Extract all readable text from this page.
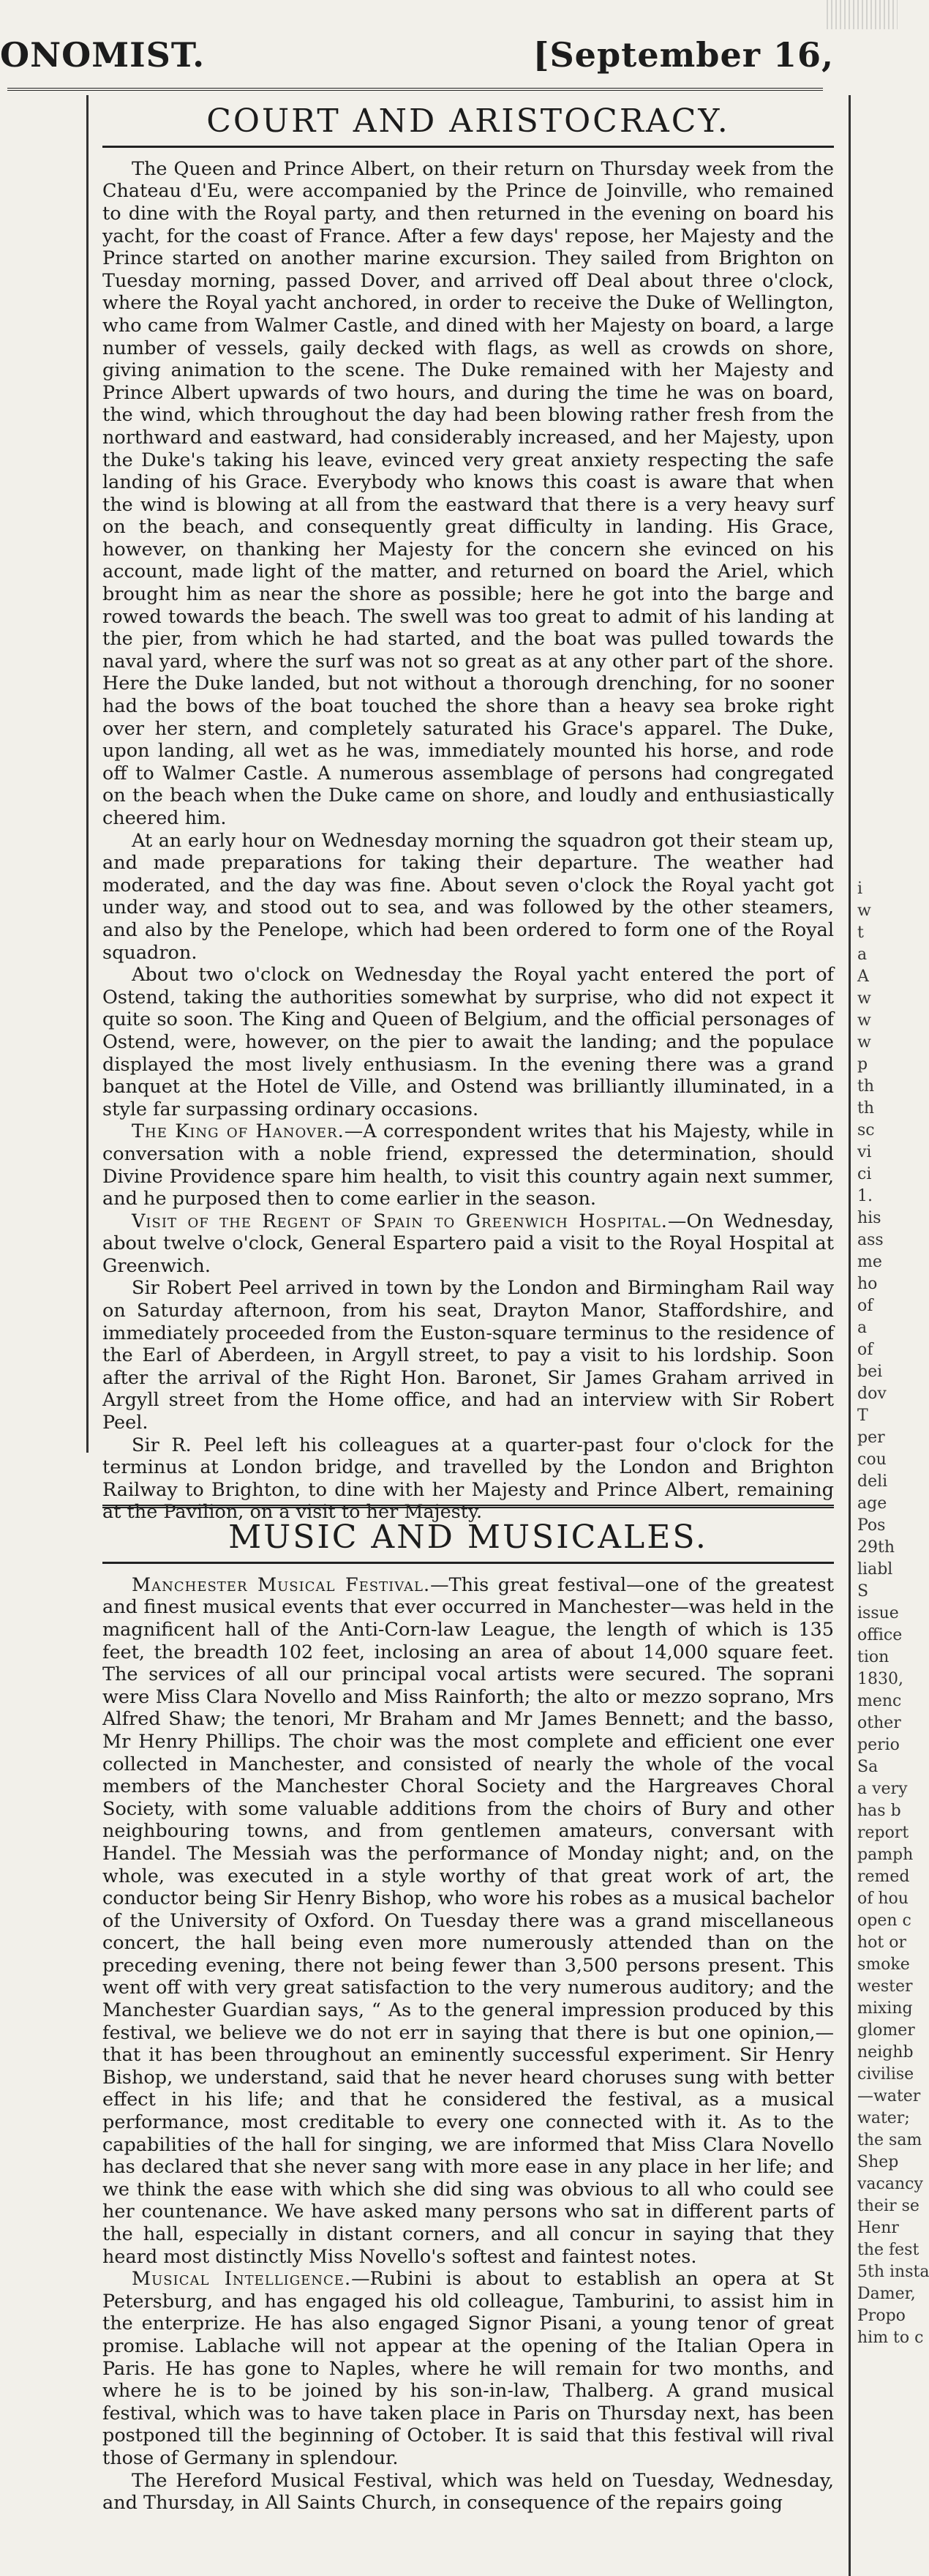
ONOMIST.	[September 16,
COURT AND ARISTOCRACY.

The Queen and Prince Albert, on their return on Thursday week from the Chateau d'Eu, were accompanied by the Prince de Joinville, who remained to dine with the Royal party, and then returned in the evening on board his yacht, for the coast of France. After a few days' repose, her Majesty and the Prince started on another marine excursion. They sailed from Brighton on Tuesday morning, passed Dover, and arrived off Deal about three o'clock, where the Royal yacht anchored, in order to receive the Duke of Wellington, who came from Walmer Castle, and dined with her Majesty on board, a large number of vessels, gaily decked with flags, as well as crowds on shore, giving animation to the scene. The Duke remained with her Majesty and Prince Albert upwards of two hours, and during the time he was on board, the wind, which throughout the day had been blowing rather fresh from the northward and eastward, had considerably increased, and her Majesty, upon the Duke's taking his leave, evinced very great anxiety respecting the safe landing of his Grace. Everybody who knows this coast is aware that when the wind is blowing at all from the eastward that there is a very heavy surf on the beach, and consequently great difficulty in landing. His Grace, however, on thanking her Majesty for the concern she evinced on his account, made light of the matter, and returned on board the Ariel, which brought him as near the shore as possible; here he got into the barge and rowed towards the beach. The swell was too great to admit of his landing at the pier, from which he had started, and the boat was pulled towards the naval yard, where the surf was not so great as at any other part of the shore. Here the Duke landed, but not without a thorough drenching, for no sooner had the bows of the boat touched the shore than a heavy sea broke right over her stern, and completely saturated his Grace's apparel. The Duke, upon landing, all wet as he was, immediately mounted his horse, and rode off to Walmer Castle. A numerous assemblage of persons had congregated on the beach when the Duke came on shore, and loudly and enthusiastically cheered him.

At an early hour on Wednesday morning the squadron got their steam up, and made preparations for taking their departure. The weather had moderated, and the day was fine. About seven o'clock the Royal yacht got under way, and stood out to sea, and was followed by the other steamers, and also by the Penelope, which had been ordered to form one of the Royal squadron.

About two o'clock on Wednesday the Royal yacht entered the port of Ostend, taking the authorities somewhat by surprise, who did not expect it quite so soon. The King and Queen of Belgium, and the official personages of Ostend, were, however, on the pier to await the landing; and the populace displayed the most lively enthusiasm. In the evening there was a grand banquet at the Hotel de Ville, and Ostend was brilliantly illuminated, in a style far surpassing ordinary occasions.

The King of Hanover.—A correspondent writes that his Majesty, while in conversation with a noble friend, expressed the determination, should Divine Providence spare him health, to visit this country again next summer, and he purposed then to come earlier in the season.

Visit of the Regent of Spain to Greenwich Hospital.—On Wednesday, about twelve o'clock, General Espartero paid a visit to the Royal Hospital at Greenwich.

Sir Robert Peel arrived in town by the London and Birmingham Rail way on Saturday afternoon, from his seat, Drayton Manor, Staffordshire, and immediately proceeded from the Euston-square terminus to the residence of the Earl of Aberdeen, in Argyll street, to pay a visit to his lordship. Soon after the arrival of the Right Hon. Baronet, Sir James Graham arrived in Argyll street from the Home office, and had an interview with Sir Robert Peel.

Sir R. Peel left his colleagues at a quarter-past four o'clock for the terminus at London bridge, and travelled by the London and Brighton Railway to Brighton, to dine with her Majesty and Prince Albert, remaining at the Pavilion, on a visit to her Majesty.

MUSIC AND MUSICALES.

Manchester Musical Festival.—This great festival—one of the greatest and finest musical events that ever occurred in Manchester—was held in the magnificent hall of the Anti-Corn-law League, the length of which is 135 feet, the breadth 102 feet, inclosing an area of about 14,000 square feet. The services of all our principal vocal artists were secured. The soprani were Miss Clara Novello and Miss Rainforth; the alto or mezzo soprano, Mrs Alfred Shaw; the tenori, Mr Braham and Mr James Bennett; and the basso, Mr Henry Phillips. The choir was the most complete and efficient one ever collected in Manchester, and consisted of nearly the whole of the vocal members of the Manchester Choral Society and the Hargreaves Choral Society, with some valuable additions from the choirs of Bury and other neighbouring towns, and from gentlemen amateurs, conversant with Handel. The Messiah was the performance of Monday night; and, on the whole, was executed in a style worthy of that great work of art, the conductor being Sir Henry Bishop, who wore his robes as a musical bachelor of the University of Oxford. On Tuesday there was a grand miscellaneous concert, the hall being even more numerously attended than on the preceding evening, there not being fewer than 3,500 persons present. This went off with very great satisfaction to the very numerous auditory; and the Manchester Guardian says, “ As to the general impression produced by this festival, we believe we do not err in saying that there is but one opinion,—that it has been throughout an eminently successful experiment. Sir Henry Bishop, we understand, said that he never heard choruses sung with better effect in his life; and that he considered the festival, as a musical performance, most creditable to every one connected with it. As to the capabilities of the hall for singing, we are informed that Miss Clara Novello has declared that she never sang with more ease in any place in her life; and we think the ease with which she did sing was obvious to all who could see her countenance. We have asked many persons who sat in different parts of the hall, especially in distant corners, and all concur in saying that they heard most distinctly Miss Novello's softest and faintest notes.

Musical Intelligence.—Rubini is about to establish an opera at St Petersburg, and has engaged his old colleague, Tamburini, to assist him in the enterprize. He has also engaged Signor Pisani, a young tenor of great promise. Lablache will not appear at the opening of the Italian Opera in Paris. He has gone to Naples, where he will remain for two months, and where he is to be joined by his son-in-law, Thalberg. A grand musical festival, which was to have taken place in Paris on Thursday next, has been postponed till the beginning of October. It is said that this festival will rival those of Germany in splendour.

The Hereford Musical Festival, which was held on Tuesday, Wednesday, and Thursday, in All Saints Church, in consequence of the repairs going

i
w
t
a
A
w
w
w
p
th
th
sc
vi
ci
1.
his
ass
me
ho
of
a
of
bei
dov
T
per
cou
deli
age
Pos
29th
liabl
S
issue
office
tion
1830,
menc
other
perio
Sa
a very
has b
report
pamph
remed
of hou
open c
hot or
smoke
wester
mixing
glomer
neighb
civilise
—water
water;
the sam
Shep
vacancy
their se
Henr
the fest
5th insta
Damer,
Propo
him to c
